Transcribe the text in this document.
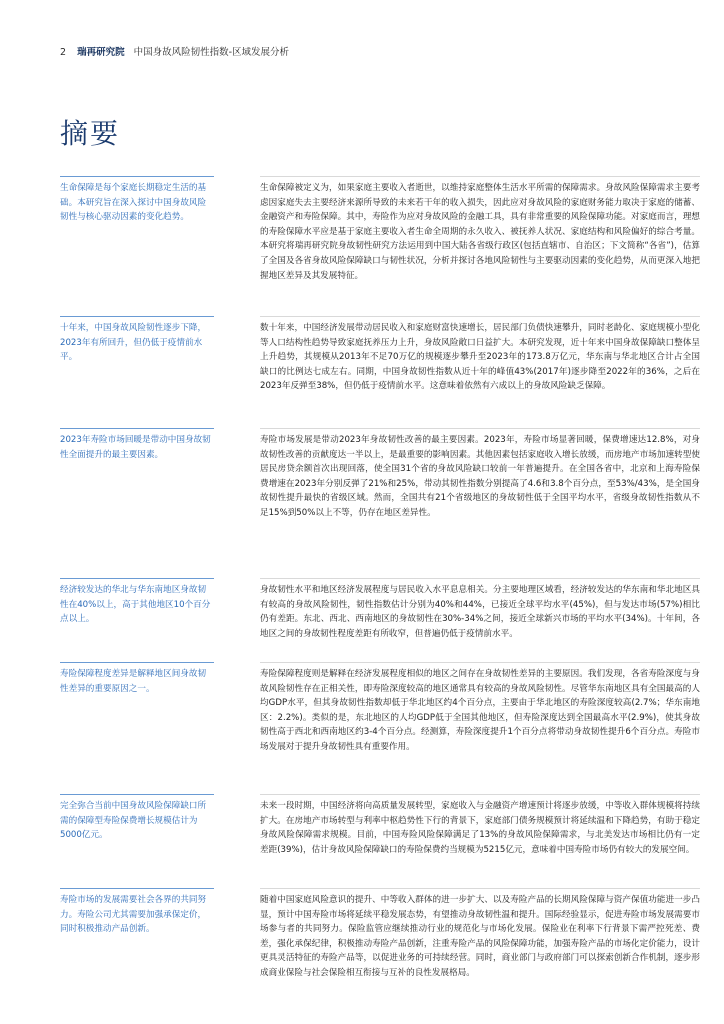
2 瑞再研究院 中国身故风险韧性指数-区域发展分析
摘要
生命保障是每个家庭长期稳定生活的基础。本研究旨在深入探讨中国身故风险韧性与核心驱动因素的变化趋势。
生命保障被定义为，如果家庭主要收入者逝世，以维持家庭整体生活水平所需的保障需求。身故风险保障需求主要考虑因家庭失去主要经济来源所导致的未来若干年的收入损失，因此应对身故风险的家庭财务能力取决于家庭的储蓄、金融资产和寿险保障。其中，寿险作为应对身故风险的金融工具，具有非常重要的风险保障功能。对家庭而言，理想的寿险保障水平应是基于家庭主要收入者生命全周期的永久收入、被抚养人状况、家庭结构和风险偏好的综合考量。本研究将瑞再研究院身故韧性研究方法运用到中国大陆各省级行政区(包括直辖市、自治区；下文简称“各省”)，估算了全国及各省身故风险保障缺口与韧性状况，分析并探讨各地风险韧性与主要驱动因素的变化趋势，从而更深入地把握地区差异及其发展特征。
十年来，中国身故风险韧性逐步下降，2023年有所回升，但仍低于疫情前水平。
数十年来，中国经济发展带动居民收入和家庭财富快速增长，居民部门负债快速攀升，同时老龄化、家庭规模小型化等人口结构性趋势导致家庭抚养压力上升，身故风险敞口日益扩大。本研究发现，近十年来中国身故保障缺口整体呈上升趋势，其规模从2013年不足70万亿的规模逐步攀升至2023年的173.8万亿元，华东南与华北地区合计占全国缺口的比例达七成左右。同期，中国身故韧性指数从近十年的峰值43%(2017年)逐步降至2022年的36%，之后在2023年反弹至38%，但仍低于疫情前水平。这意味着依然有六成以上的身故风险缺乏保障。
2023年寿险市场回暖是带动中国身故韧性全面提升的最主要因素。
寿险市场发展是带动2023年身故韧性改善的最主要因素。2023年，寿险市场显著回暖，保费增速达12.8%，对身故韧性改善的贡献度达一半以上，是最重要的影响因素。其他因素包括家庭收入增长放缓，而房地产市场加速转型使居民房贷余额首次出现回落，使全国31个省的身故风险缺口较前一年普遍提升。在全国各省中，北京和上海寿险保费增速在2023年分别反弹了21%和25%，带动其韧性指数分别提高了4.6和3.8个百分点，至53%/43%，是全国身故韧性提升最快的省级区域。然而，全国共有21个省级地区的身故韧性低于全国平均水平，省级身故韧性指数从不足15%到50%以上不等，仍存在地区差异性。
经济较发达的华北与华东南地区身故韧性在40%以上，高于其他地区10个百分点以上。
身故韧性水平和地区经济发展程度与居民收入水平息息相关。分主要地理区域看，经济较发达的华东南和华北地区具有较高的身故风险韧性，韧性指数估计分别为40%和44%，已接近全球平均水平(45%)，但与发达市场(57%)相比仍有差距。东北、西北、西南地区的身故韧性在30%-34%之间，接近全球新兴市场的平均水平(34%)。十年间，各地区之间的身故韧性程度差距有所收窄，但普遍仍低于疫情前水平。
寿险保障程度差异是解释地区间身故韧性差异的重要原因之一。
寿险保障程度则是解释在经济发展程度相似的地区之间存在身故韧性差异的主要原因。我们发现，各省寿险深度与身故风险韧性存在正相关性，即寿险深度较高的地区通常具有较高的身故风险韧性。尽管华东南地区具有全国最高的人均GDP水平，但其身故韧性指数却低于华北地区约4个百分点，主要由于华北地区的寿险深度较高(2.7%；华东南地区：2.2%)。类似的是，东北地区的人均GDP低于全国其他地区，但寿险深度达到全国最高水平(2.9%)，使其身故韧性高于西北和西南地区约3-4个百分点。经测算，寿险深度提升1个百分点将带动身故韧性提升6个百分点。寿险市场发展对于提升身故韧性具有重要作用。
完全弥合当前中国身故风险保障缺口所需的保障型寿险保费增长规模估计为5000亿元。
未来一段时期，中国经济将向高质量发展转型，家庭收入与金融资产增速预计将逐步放缓，中等收入群体规模将持续扩大。在房地产市场转型与利率中枢趋势性下行的背景下，家庭部门债务规模预计将延续温和下降趋势，有助于稳定身故风险保障需求规模。目前，中国寿险风险保障满足了13%的身故风险保障需求，与北美发达市场相比仍有一定差距(39%)，估计身故风险保障缺口的寿险保费约当规模为5215亿元，意味着中国寿险市场仍有较大的发展空间。
寿险市场的发展需要社会各界的共同努力。寿险公司尤其需要加强承保定价，同时积极推动产品创新。
随着中国家庭风险意识的提升、中等收入群体的进一步扩大、以及寿险产品的长期风险保障与资产保值功能进一步凸显，预计中国寿险市场将延续平稳发展态势，有望推动身故韧性温和提升。国际经验显示，促进寿险市场发展需要市场参与者的共同努力。保险监管应继续推动行业的规范化与市场化发展。保险业在利率下行背景下需严控死差、费差，强化承保纪律，积极推动寿险产品创新，注重寿险产品的风险保障功能，加强寿险产品的市场化定价能力，设计更具灵活特征的寿险产品等，以促进业务的可持续经营。同时，商业部门与政府部门可以探索创新合作机制，逐步形成商业保险与社会保险相互衔接与互补的良性发展格局。
